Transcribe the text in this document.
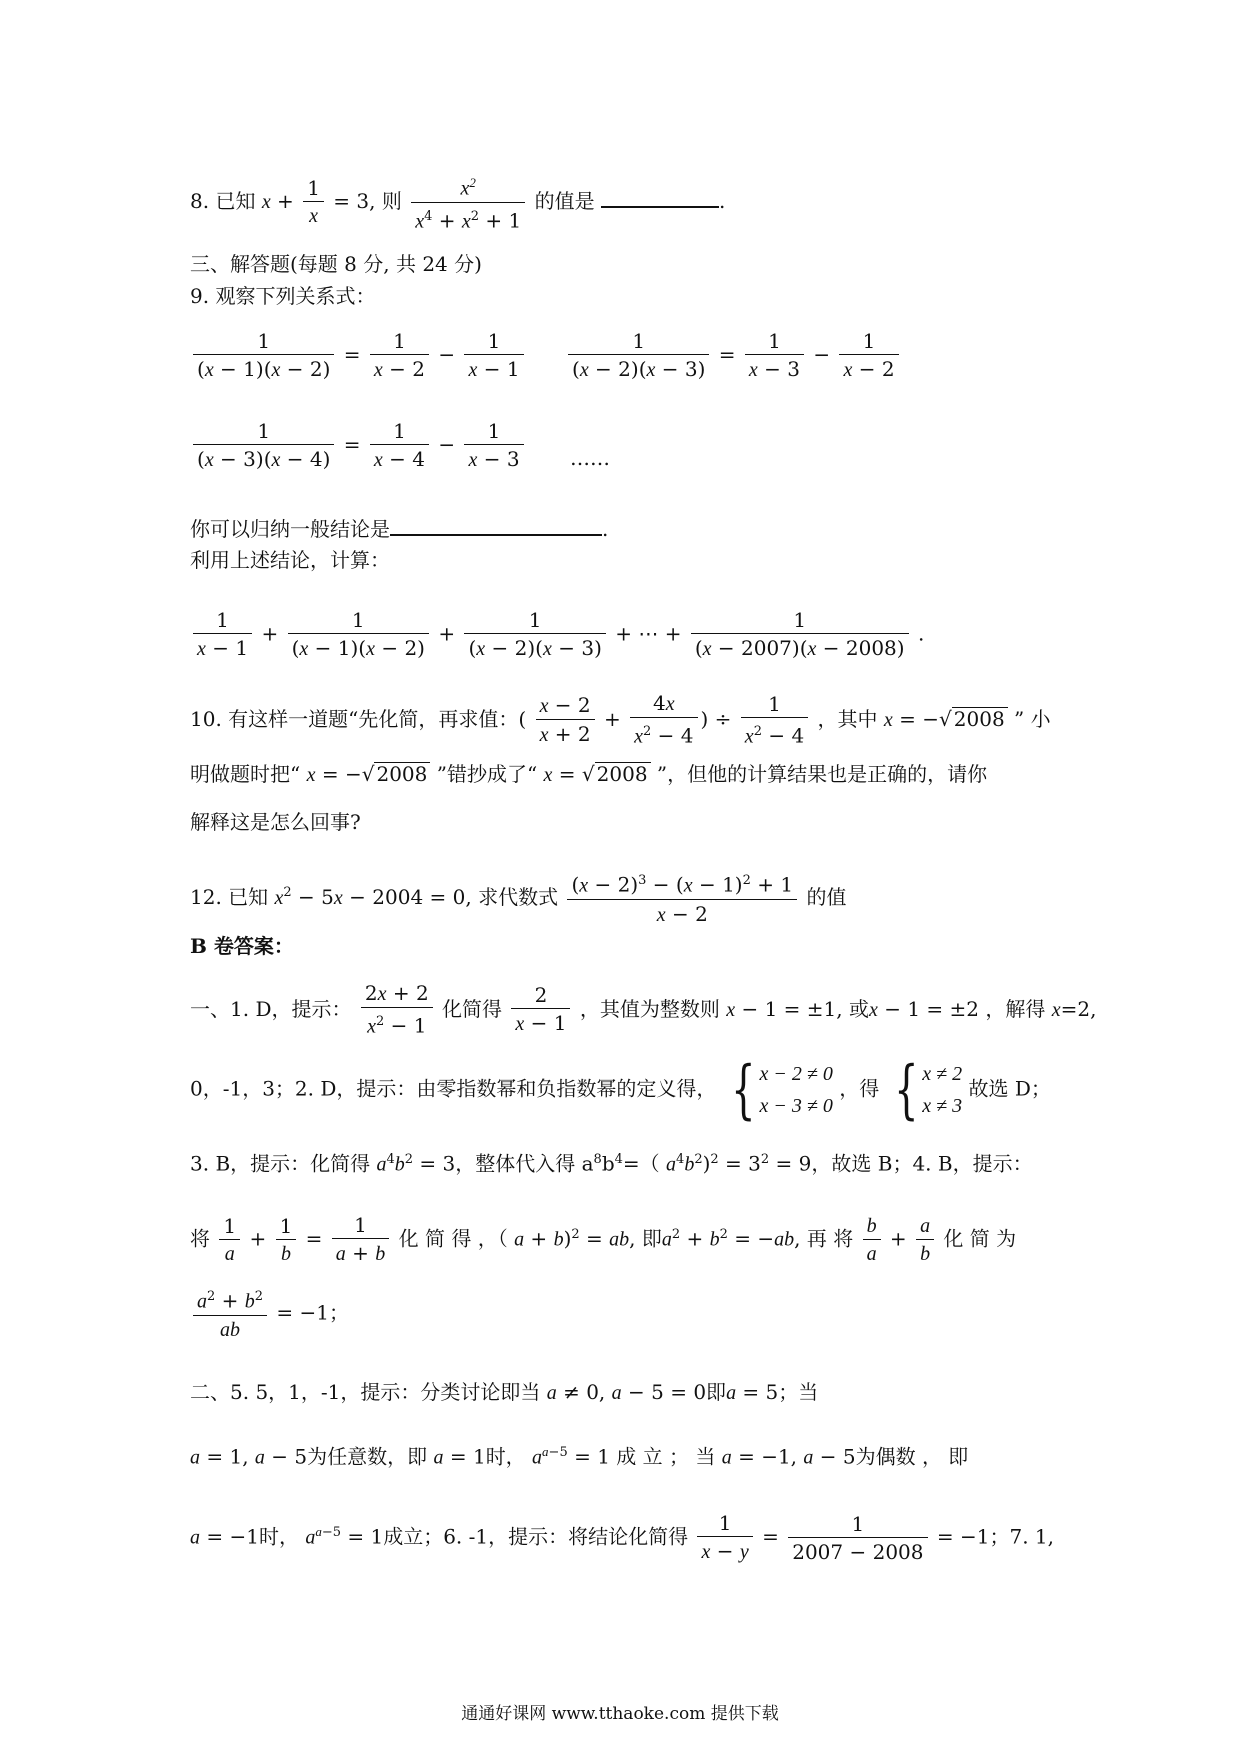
8. 已知 $x + \frac{1}{x} = 3$, 则 $\frac{x^2}{x^4 + x^2 + 1}$ 的值是	.
三、解答题(每题 8 分, 共 24 分)
9. 观察下列关系式：
$\frac{1}{(x - 1)(x - 2)} = \frac{1}{x - 2} - \frac{1}{x - 1} \frac{1}{(x - 2)(x - 3)} = \frac{1}{x - 3} - \frac{1}{x - 2}$
$\frac{1}{(x - 3)(x - 4)} = \frac{1}{x - 4} - \frac{1}{x - 3}$ ……
你可以归纳一般结论是	.
利用上述结论，计算：
$\frac{1}{x - 1} + \frac{1}{(x - 1)(x - 2)} + \frac{1}{(x - 2)(x - 3)}$ + ⋯ + $\frac{1}{(x - 2007)(x - 2008)}$ .
10. 有这样一道题“先化简，再求值：( $\frac{x - 2}{x + 2} + \frac{4x}{x^2 - 4}$ ) ÷ $\frac{1}{x^2 - 4}$ ，其中 x = −√ 2008 ” 小
明做题时把“ x = −√ 2008 ”错抄成了“ x = √ 2008 ”，但他的计算结果也是正确的，请你
解释这是怎么回事?
12. 已知 $x^2 - 5x - 2004 = 0$, 求代数式 $\frac{(x - 2)^3 - (x - 1)^2 + 1}{x - 2}$ 的值
B 卷答案：
一、1. D，提示： $\frac{2x + 2}{x^2 - 1}$ 化简得 $\frac{2}{x - 1}$ ，其值为整数则 x − 1 = ±1, 或x − 1 = ±2 ，解得 x=2,
0，-1，3；2. D，提示：由零指数幂和负指数幂的定义得， { x − 2 ≠ 0
x − 3 ≠ 0 ，得 { x ≠ 2
x ≠ 3 故选 D；
3. B，提示：化简得 $a^4b^2 = 3$，整体代入得 $a^8b^4=$（ $a^4b^2)^2 = 3^2 = 9$，故选 B；4. B，提示：
将 $\frac{1}{a} + \frac{1}{b} = \frac{1}{a + b}$ 化 简 得 ，（ a + b)$^2$ = ab, 即$a^2 + b^2 = -ab$, 再 将 $\frac{b}{a} + \frac{a}{b}$ 化 简 为
$\frac{a^2 + b^2}{ab} = -1$；
二、5. 5，1，-1，提示：分类讨论即当 a ≠ 0, a − 5 = 0即a = 5；当
a = 1, a − 5为任意数，即 a = 1时， $a^{a-5} = 1$ 成 立 ； 当 a = −1, a − 5为偶数 ， 即
a = −1时， $a^{a-5} = 1$成立；6. -1，提示：将结论化简得 $\frac{1}{x - y} = \frac{1}{2007 - 2008} = -1$；7. 1,
通通好课网 www.tthaoke.com 提供下载
